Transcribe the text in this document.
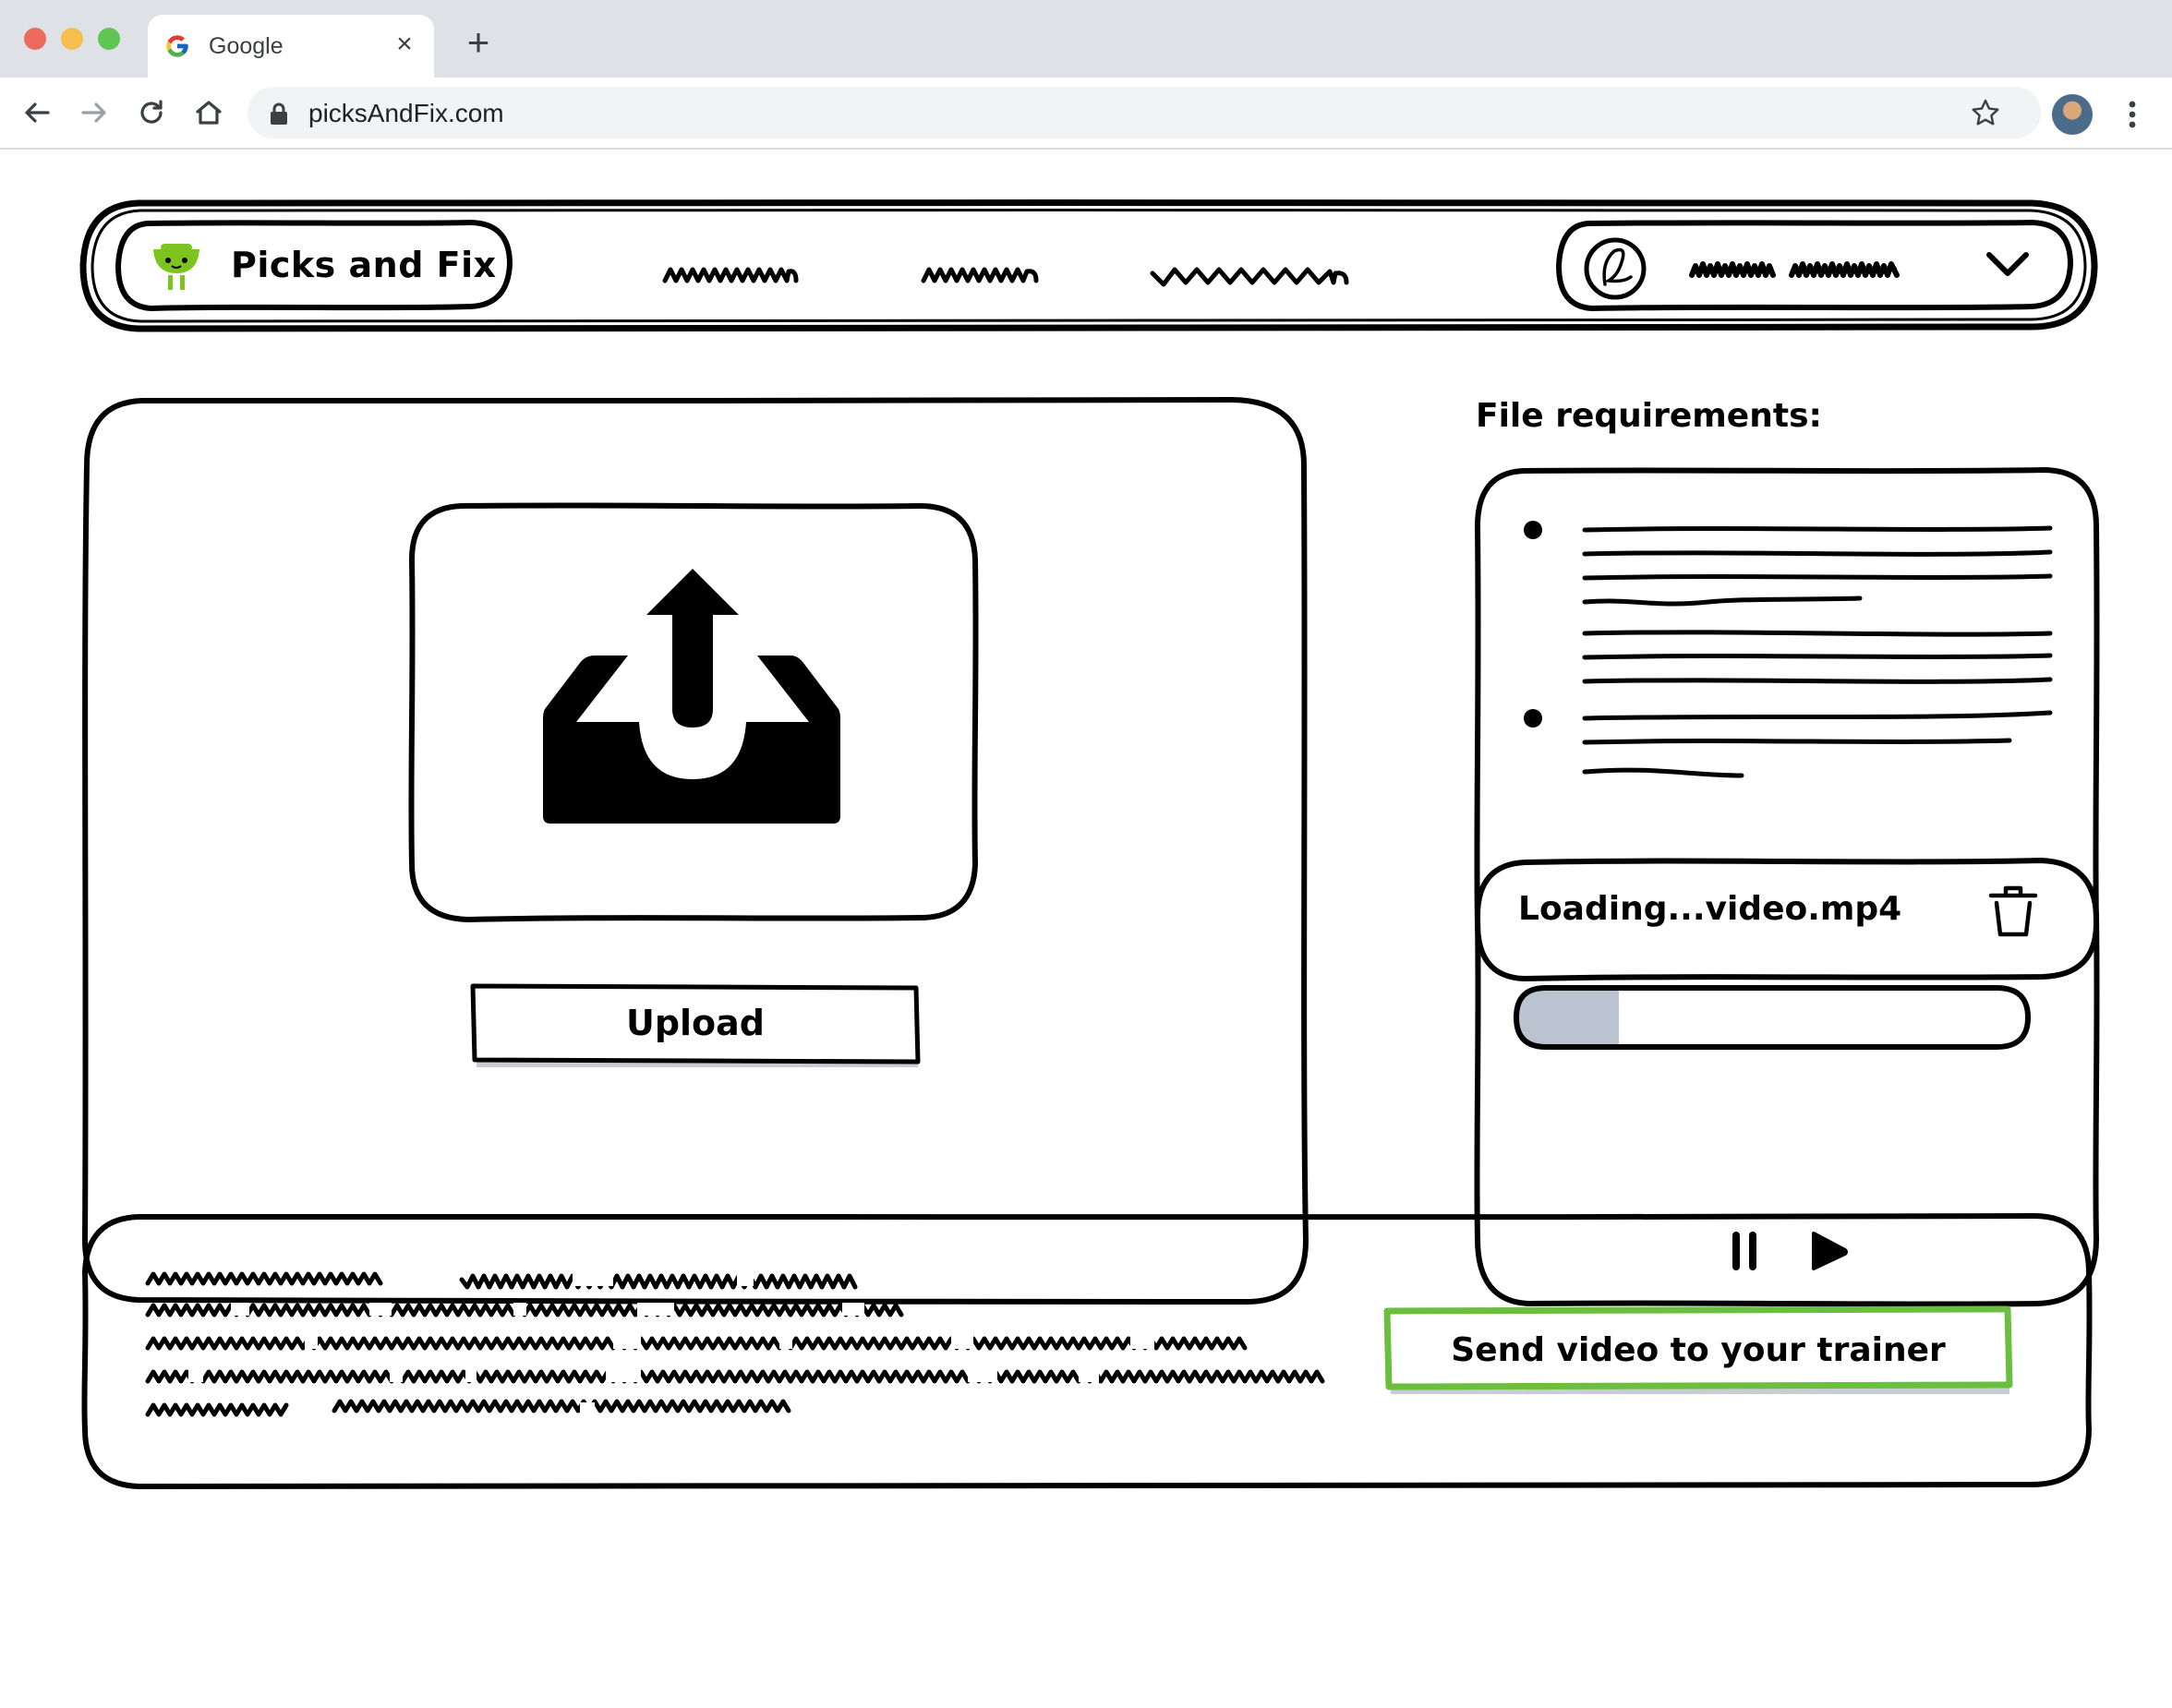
Google	× +
picksAndFix.com
Picks and Fix
Upload
File requirements:
Loading...video.mp4
Send video to your trainer
